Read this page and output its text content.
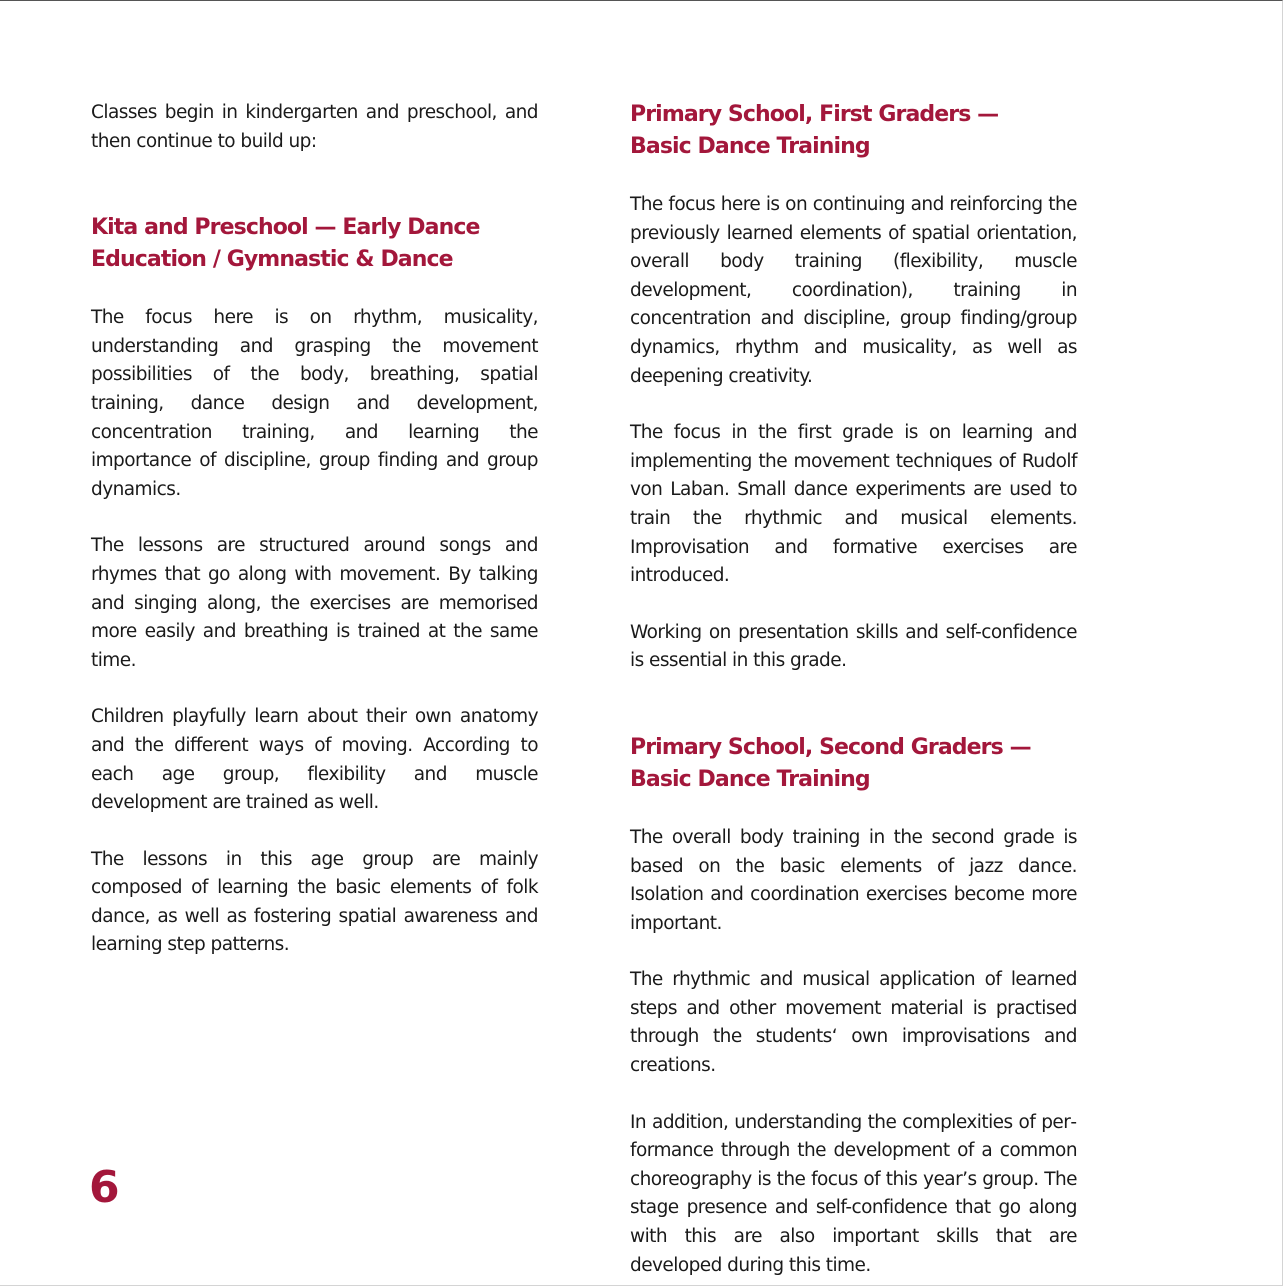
Classes begin in kindergarten and preschool, and then continue to build up:

Kita and Preschool — Early Dance
Education / Gymnastic & Dance

The focus here is on rhythm, musicality, understanding and grasping the movement possibilities of the body, breathing, spatial training, dance design and development, concentration training, and learning the importance of discipline, group finding and group dynamics.

The lessons are structured around songs and rhymes that go along with movement. By talking and singing along, the exercises are memorised more easily and breathing is trained at the same time.

Children playfully learn about their own anatomy and the different ways of moving. According to each age group, flexibility and muscle development are trained as well.

The lessons in this age group are mainly composed of learning the basic elements of folk dance, as well as fostering spatial awareness and learning step patterns.

Primary School, First Graders —
Basic Dance Training

The focus here is on continuing and reinforcing the previously learned elements of spatial orientation, overall body training (flexibility, muscle development, coordination), training in concentration and discipline, group finding/group dynamics, rhythm and musicality, as well as deepening creativity.

The focus in the first grade is on learning and implementing the movement techniques of Rudolf von Laban. Small dance experiments are used to train the rhythmic and musical elements. Improvisation and formative exercises are introduced.

Working on presentation skills and self-confidence is essential in this grade.

Primary School, Second Graders —
Basic Dance Training

The overall body training in the second grade is based on the basic elements of jazz dance. Isolation and coordination exercises become more important.

The rhythmic and musical application of learned steps and other movement material is practised through the students‘ own improvisations and creations.

In addition, understanding the complexities of performance through the development of a common choreography is the focus of this year’s group. The stage presence and self-confidence that go along with this are also important skills that are developed during this time.

6
